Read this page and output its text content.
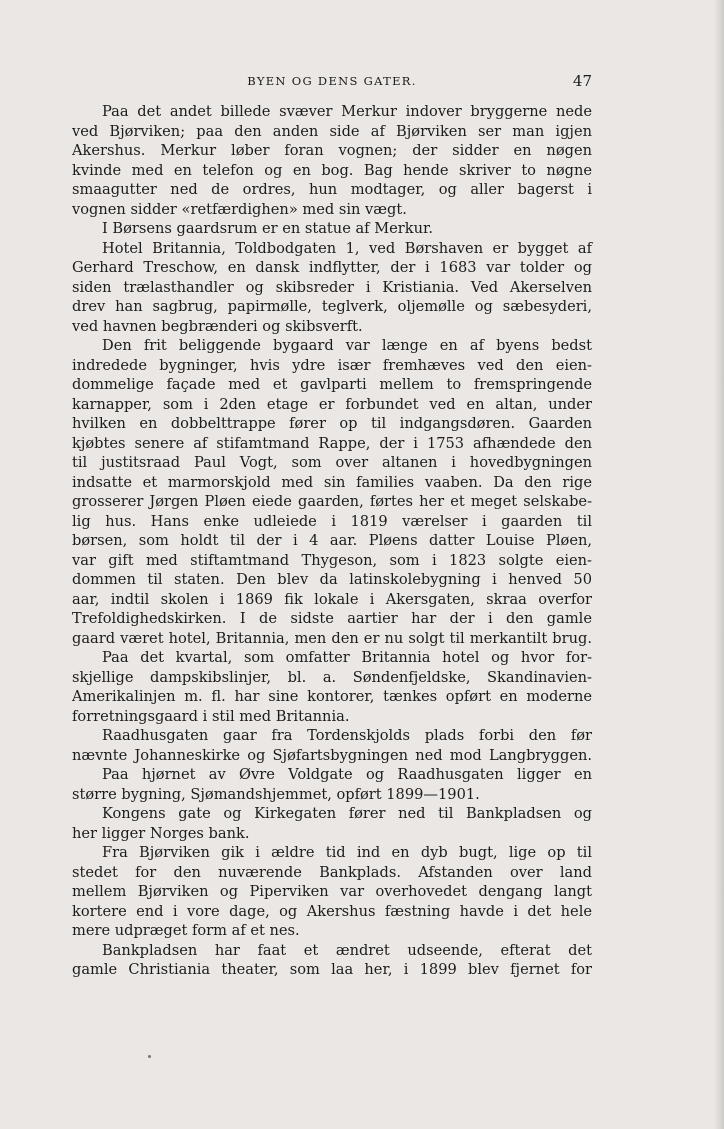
BYEN OG DENS GATER.	47
Paa det andet billede svæver Merkur indover bryggerne nede
ved Bjørviken; paa den anden side af Bjørviken ser man igjen
Akershus. Merkur løber foran vognen; der sidder en nøgen
kvinde med en telefon og en bog. Bag hende skriver to nøgne
smaagutter ned de ordres, hun modtager, og aller bagerst i
vognen sidder «retfærdighen» med sin vægt.
I Børsens gaardsrum er en statue af Merkur.
Hotel Britannia, Toldbodgaten 1, ved Børshaven er bygget af
Gerhard Treschow, en dansk indflytter, der i 1683 var tolder og
siden trælasthandler og skibsreder i Kristiania. Ved Akerselven
drev han sagbrug, papirmølle, teglverk, oljemølle og sæbesyderi,
ved havnen begbrænderi og skibsverft.
Den frit beliggende bygaard var længe en af byens bedst
indredede bygninger, hvis ydre især fremhæves ved den eien-
dommelige façade med et gavlparti mellem to fremspringende
karnapper, som i 2den etage er forbundet ved en altan, under
hvilken en dobbelttrappe fører op til indgangsdøren. Gaarden
kjøbtes senere af stifamtmand Rappe, der i 1753 afhændede den
til justitsraad Paul Vogt, som over altanen i hovedbygningen
indsatte et marmorskjold med sin families vaaben. Da den rige
grosserer Jørgen Pløen eiede gaarden, førtes her et meget selskabe-
lig hus. Hans enke udleiede i 1819 værelser i gaarden til
børsen, som holdt til der i 4 aar. Pløens datter Louise Pløen,
var gift med stiftamtmand Thygeson, som i 1823 solgte eien-
dommen til staten. Den blev da latinskolebygning i henved 50
aar, indtil skolen i 1869 fik lokale i Akersgaten, skraa overfor
Trefoldighedskirken. I de sidste aartier har der i den gamle
gaard været hotel, Britannia, men den er nu solgt til merkantilt brug.
Paa det kvartal, som omfatter Britannia hotel og hvor for-
skjellige dampskibslinjer, bl. a. Søndenfjeldske, Skandinavien-
Amerikalinjen m. fl. har sine kontorer, tænkes opført en moderne
forretningsgaard i stil med Britannia.
Raadhusgaten gaar fra Tordenskjolds plads forbi den før
nævnte Johanneskirke og Sjøfartsbygningen ned mod Langbryggen.
Paa hjørnet av Øvre Voldgate og Raadhusgaten ligger en
større bygning, Sjømandshjemmet, opført 1899—1901.
Kongens gate og Kirkegaten fører ned til Bankpladsen og
her ligger Norges bank.
Fra Bjørviken gik i ældre tid ind en dyb bugt, lige op til
stedet for den nuværende Bankplads. Afstanden over land
mellem Bjørviken og Piperviken var overhovedet dengang langt
kortere end i vore dage, og Akershus fæstning havde i det hele
mere udpræget form af et nes.
Bankpladsen har faat et ændret udseende, efterat det
gamle Christiania theater, som laa her, i 1899 blev fjernet for
